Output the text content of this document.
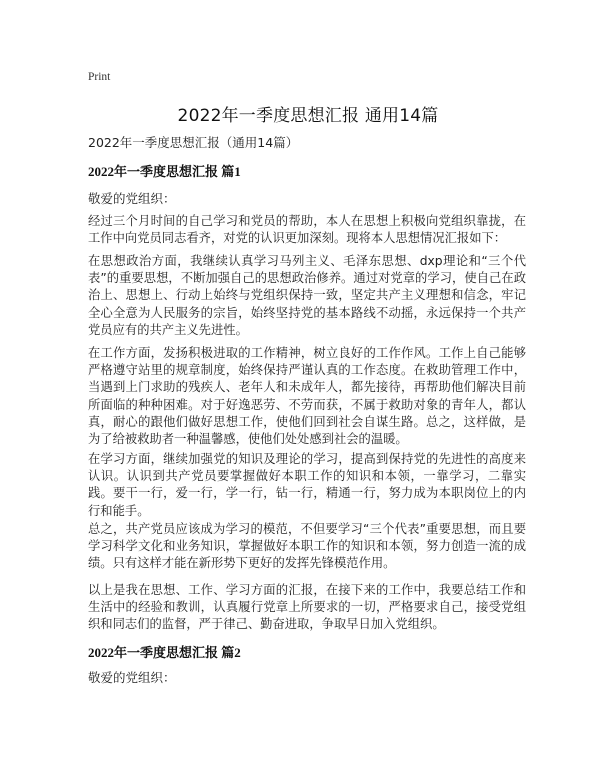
Print
2022年一季度思想汇报 通用14篇
2022年一季度思想汇报（通用14篇）
2022年一季度思想汇报 篇1
敬爱的党组织：

经过三个月时间的自己学习和党员的帮助，本人在思想上积极向党组织靠拢，在工作中向党员同志看齐，对党的认识更加深刻。现将本人思想情况汇报如下：

在思想政治方面，我继续认真学习马列主义、毛泽东思想、dxp理论和“三个代表”的重要思想，不断加强自己的思想政治修养。通过对党章的学习，使自己在政治上、思想上、行动上始终与党组织保持一致，坚定共产主义理想和信念，牢记全心全意为人民服务的宗旨，始终坚持党的基本路线不动摇，永远保持一个共产党员应有的共产主义先进性。

在工作方面，发扬积极进取的工作精神，树立良好的工作作风。工作上自己能够严格遵守站里的规章制度，始终保持严谨认真的工作态度。在救助管理工作中，当遇到上门求助的残疾人、老年人和未成年人，都先接待，再帮助他们解决目前所面临的种种困难。对于好逸恶劳、不劳而获，不属于救助对象的青年人，都认真，耐心的跟他们做好思想工作，使他们回到社会自谋生路。总之，这样做，是为了给被救助者一种温馨感，使他们处处感到社会的温暖。

在学习方面，继续加强党的知识及理论的学习，提高到保持党的先进性的高度来认识。认识到共产党员要掌握做好本职工作的知识和本领，一靠学习，二靠实践。要干一行，爱一行，学一行，钻一行，精通一行，努力成为本职岗位上的内行和能手。

总之，共产党员应该成为学习的模范，不但要学习“三个代表”重要思想，而且要学习科学文化和业务知识，掌握做好本职工作的知识和本领，努力创造一流的成绩。只有这样才能在新形势下更好的发挥先锋模范作用。

以上是我在思想、工作、学习方面的汇报，在接下来的工作中，我要总结工作和生活中的经验和教训，认真履行党章上所要求的一切，严格要求自己，接受党组织和同志们的监督，严于律己、勤奋进取，争取早日加入党组织。

2022年一季度思想汇报 篇2
敬爱的党组织：
